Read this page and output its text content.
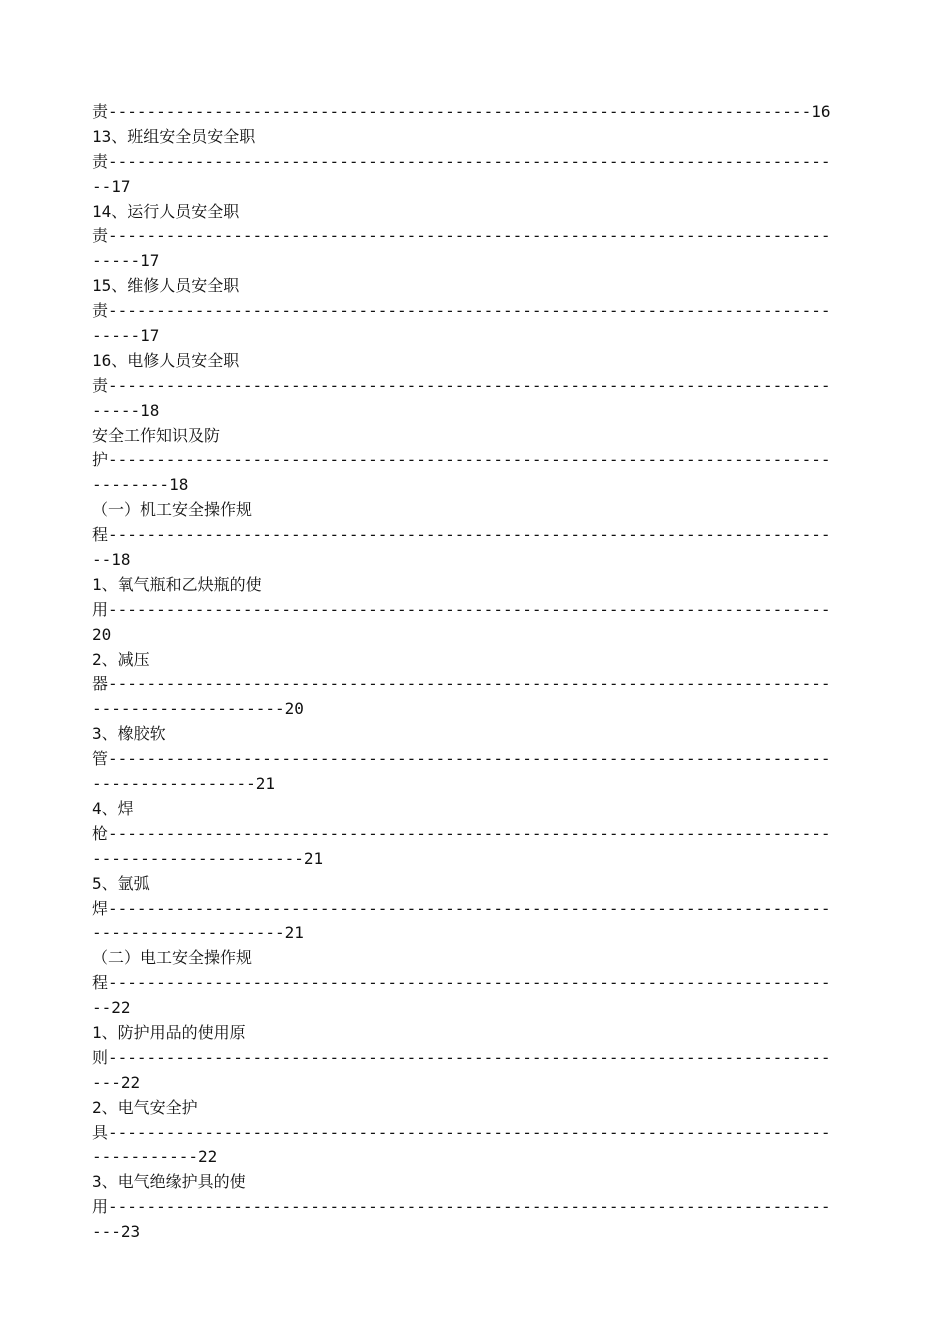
责-------------------------------------------------------------------------16
13、班组安全员安全职
责---------------------------------------------------------------------------
--17
14、运行人员安全职
责---------------------------------------------------------------------------
-----17
15、维修人员安全职
责---------------------------------------------------------------------------
-----17
16、电修人员安全职
责---------------------------------------------------------------------------
-----18
安全工作知识及防
护---------------------------------------------------------------------------
--------18
（一）机工安全操作规
程---------------------------------------------------------------------------
--18
1、氧气瓶和乙炔瓶的使
用---------------------------------------------------------------------------
20
2、减压
器---------------------------------------------------------------------------
--------------------20
3、橡胶软
管---------------------------------------------------------------------------
-----------------21
4、焊
枪---------------------------------------------------------------------------
----------------------21
5、氩弧
焊---------------------------------------------------------------------------
--------------------21
（二）电工安全操作规
程---------------------------------------------------------------------------
--22
1、防护用品的使用原
则---------------------------------------------------------------------------
---22
2、电气安全护
具---------------------------------------------------------------------------
-----------22
3、电气绝缘护具的使
用---------------------------------------------------------------------------
---23
